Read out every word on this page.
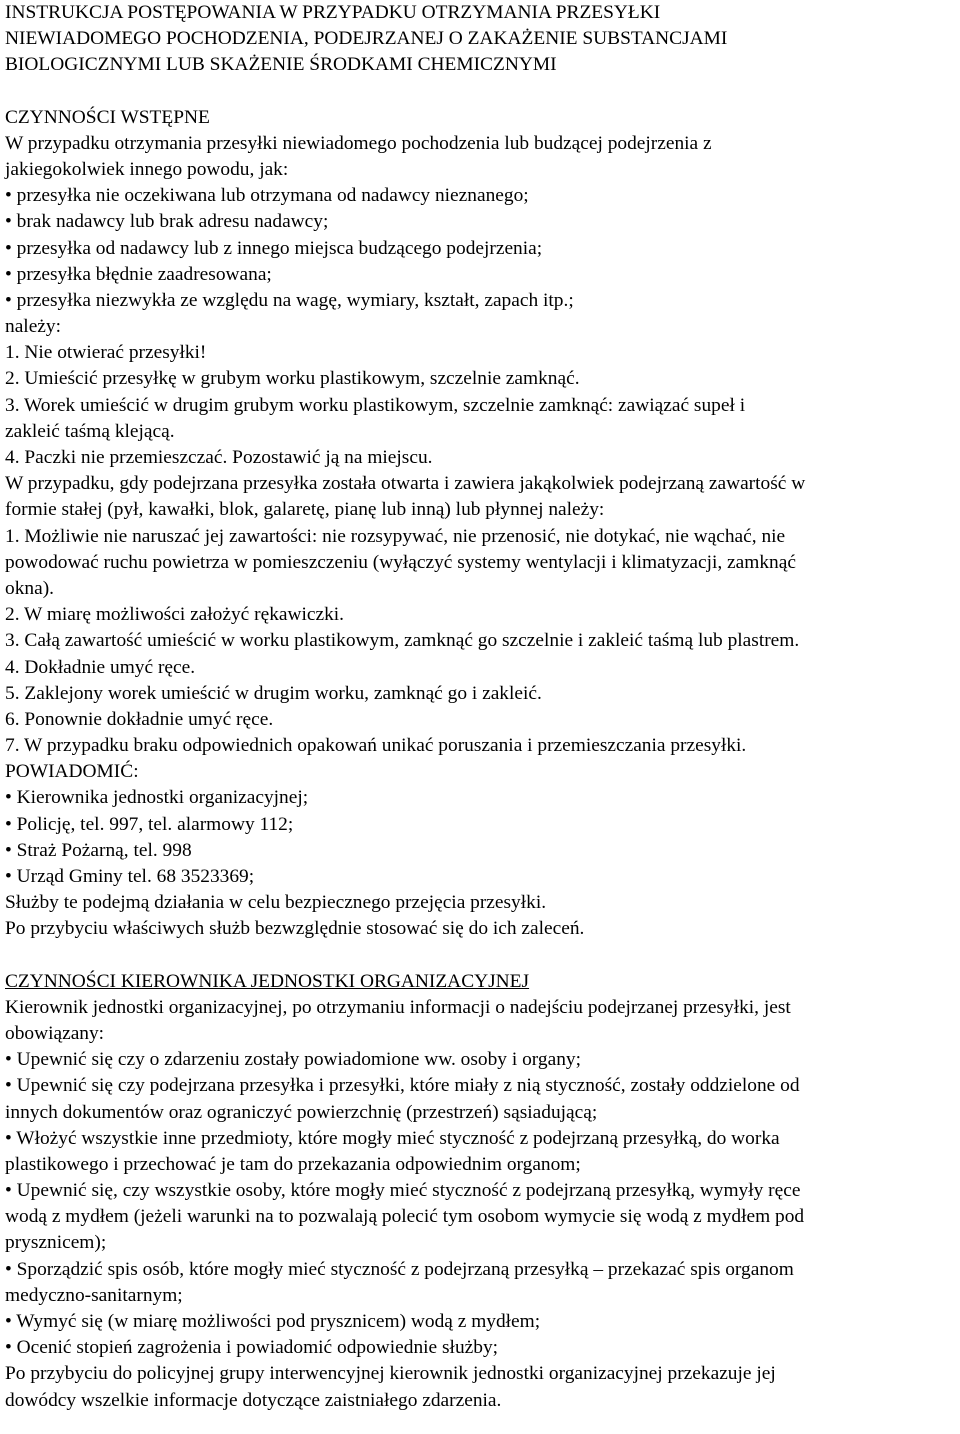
INSTRUKCJA POSTĘPOWANIA W PRZYPADKU OTRZYMANIA PRZESYŁKI
NIEWIADOMEGO POCHODZENIA, PODEJRZANEJ O ZAKAŻENIE SUBSTANCJAMI
BIOLOGICZNYMI LUB SKAŻENIE ŚRODKAMI CHEMICZNYMI
CZYNNOŚCI WSTĘPNE
W przypadku otrzymania przesyłki niewiadomego pochodzenia lub budzącej podejrzenia z
jakiegokolwiek innego powodu, jak:
• przesyłka nie oczekiwana lub otrzymana od nadawcy nieznanego;
• brak nadawcy lub brak adresu nadawcy;
• przesyłka od nadawcy lub z innego miejsca budzącego podejrzenia;
• przesyłka błędnie zaadresowana;
• przesyłka niezwykła ze względu na wagę, wymiary, kształt, zapach itp.;
należy:
1. Nie otwierać przesyłki!
2. Umieścić przesyłkę w grubym worku plastikowym, szczelnie zamknąć.
3. Worek umieścić w drugim grubym worku plastikowym, szczelnie zamknąć: zawiązać supeł i
zakleić taśmą klejącą.
4. Paczki nie przemieszczać. Pozostawić ją na miejscu.
W przypadku, gdy podejrzana przesyłka została otwarta i zawiera jakąkolwiek podejrzaną zawartość w
formie stałej (pył, kawałki, blok, galaretę, pianę lub inną) lub płynnej należy:
1. Możliwie nie naruszać jej zawartości: nie rozsypywać, nie przenosić, nie dotykać, nie wąchać, nie
powodować ruchu powietrza w pomieszczeniu (wyłączyć systemy wentylacji i klimatyzacji, zamknąć
okna).
2. W miarę możliwości założyć rękawiczki.
3. Całą zawartość umieścić w worku plastikowym, zamknąć go szczelnie i zakleić taśmą lub plastrem.
4. Dokładnie umyć ręce.
5. Zaklejony worek umieścić w drugim worku, zamknąć go i zakleić.
6. Ponownie dokładnie umyć ręce.
7. W przypadku braku odpowiednich opakowań unikać poruszania i przemieszczania przesyłki.
POWIADOMIĆ:
• Kierownika jednostki organizacyjnej;
• Policję, tel. 997, tel. alarmowy 112;
• Straż Pożarną, tel. 998
• Urząd Gminy tel. 68 3523369;
Służby te podejmą działania w celu bezpiecznego przejęcia przesyłki.
Po przybyciu właściwych służb bezwzględnie stosować się do ich zaleceń.
CZYNNOŚCI KIEROWNIKA JEDNOSTKI ORGANIZACYJNEJ
Kierownik jednostki organizacyjnej, po otrzymaniu informacji o nadejściu podejrzanej przesyłki, jest
obowiązany:
• Upewnić się czy o zdarzeniu zostały powiadomione ww. osoby i organy;
• Upewnić się czy podejrzana przesyłka i przesyłki, które miały z nią styczność, zostały oddzielone od
innych dokumentów oraz ograniczyć powierzchnię (przestrzeń) sąsiadującą;
• Włożyć wszystkie inne przedmioty, które mogły mieć styczność z podejrzaną przesyłką, do worka
plastikowego i przechować je tam do przekazania odpowiednim organom;
• Upewnić się, czy wszystkie osoby, które mogły mieć styczność z podejrzaną przesyłką, wymyły ręce
wodą z mydłem (jeżeli warunki na to pozwalają polecić tym osobom wymycie się wodą z mydłem pod
prysznicem);
• Sporządzić spis osób, które mogły mieć styczność z podejrzaną przesyłką – przekazać spis organom
medyczno-sanitarnym;
• Wymyć się (w miarę możliwości pod prysznicem) wodą z mydłem;
• Ocenić stopień zagrożenia i powiadomić odpowiednie służby;
Po przybyciu do policyjnej grupy interwencyjnej kierownik jednostki organizacyjnej przekazuje jej
dowódcy wszelkie informacje dotyczące zaistniałego zdarzenia.
